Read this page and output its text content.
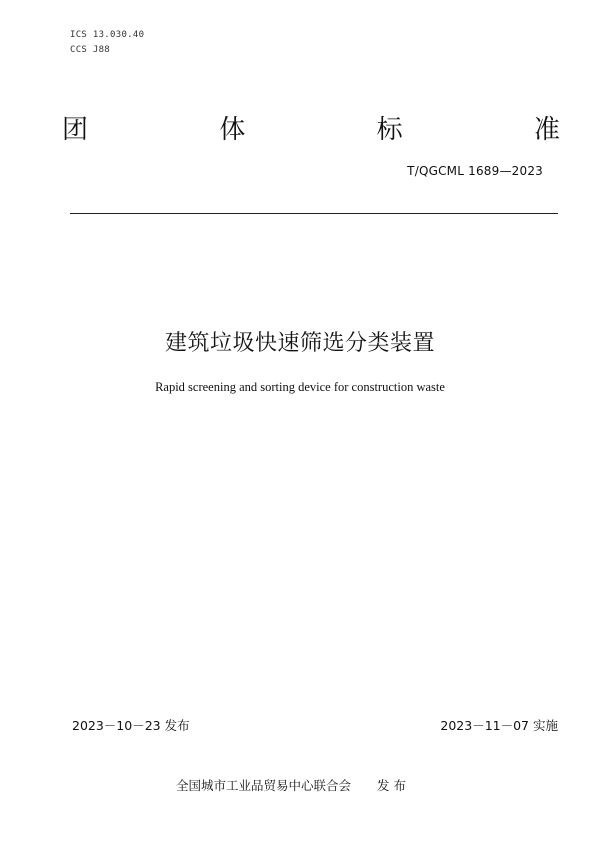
ICS 13.030.40
CCS J88
团	体	标	准
T/QGCML 1689—2023
建筑垃圾快速筛选分类装置
Rapid screening and sorting device for construction waste
2023－10－23 发布	2023－11－07 实施
全国城市工业品贸易中心联合会 发 布
